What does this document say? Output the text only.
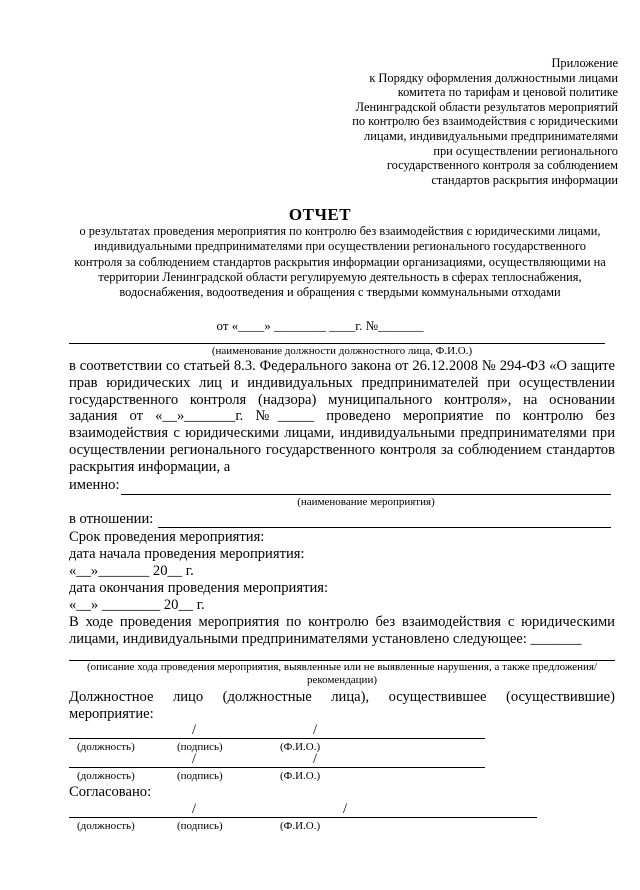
Приложение
к Порядку оформления должностными лицами
комитета по тарифам и ценовой политике
Ленинградской области результатов мероприятий
по контролю без взаимодействия с юридическими
лицами, индивидуальными предпринимателями
при осуществлении регионального
государственного контроля за соблюдением
стандартов раскрытия информации
ОТЧЕТ
о результатах проведения мероприятия по контролю без взаимодействия с юридическими лицами, индивидуальными предпринимателями при осуществлении регионального государственного контроля за соблюдением стандартов раскрытия информации организациями, осуществляющими на территории Ленинградской области регулируемую деятельность в сферах теплоснабжения, водоснабжения, водоотведения и обращения с твердыми коммунальными отходами
от «____» ________ ____г. №_______
(наименование должности должностного лица, Ф.И.О.)
в соответствии со статьей 8.3. Федерального закона от 26.12.2008 № 294-ФЗ «О защите прав юридических лиц и индивидуальных предпринимателей при осуществлении государственного контроля (надзора) муниципального контроля», на основании задания от «__»_______г. №_____ проведено мероприятие по контролю без взаимодействия с юридическими лицами, индивидуальными предпринимателями при осуществлении регионального государственного контроля за соблюдением стандартов раскрытия информации, а
именно:
(наименование мероприятия)
в отношении:
Срок проведения мероприятия:
дата начала проведения мероприятия:
«__»_______ 20__ г.
дата окончания проведения мероприятия:
«__» ________ 20__ г.
В ходе проведения мероприятия по контролю без взаимодействия с юридическими лицами, индивидуальными предпринимателями установлено следующее: _______
(описание хода проведения мероприятия, выявленные или не выявленные нарушения, а также предложения/рекомендации)
Должностное лицо (должностные лица), осуществившее (осуществившие) мероприятие:
/	/
(должность)	(подпись)	(Ф.И.О.)
/	/
(должность)	(подпись)	(Ф.И.О.)
Согласовано:
/	/
(должность)	(подпись)	(Ф.И.О.)
